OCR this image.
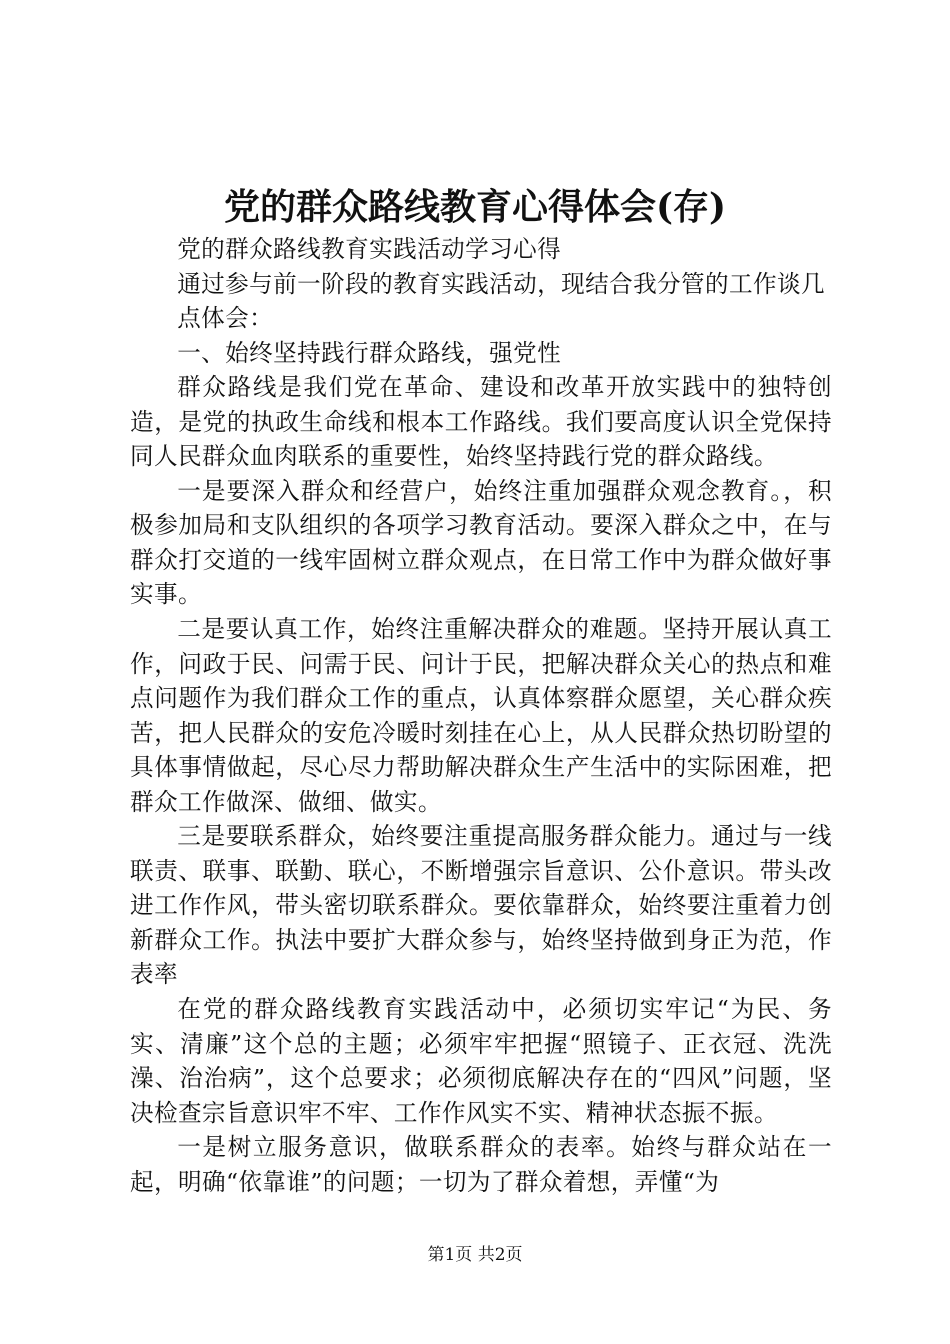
党的群众路线教育心得体会(存)

党的群众路线教育实践活动学习心得

通过参与前一阶段的教育实践活动，现结合我分管的工作谈几

点体会：

一、始终坚持践行群众路线，强党性

群众路线是我们党在革命、建设和改革开放实践中的独特创造，是党的执政生命线和根本工作路线。我们要高度认识全党保持同人民群众血肉联系的重要性，始终坚持践行党的群众路线。

一是要深入群众和经营户，始终注重加强群众观念教育。，积极参加局和支队组织的各项学习教育活动。要深入群众之中，在与群众打交道的一线牢固树立群众观点，在日常工作中为群众做好事实事。

二是要认真工作，始终注重解决群众的难题。坚持开展认真工作，问政于民、问需于民、问计于民，把解决群众关心的热点和难点问题作为我们群众工作的重点，认真体察群众愿望，关心群众疾苦，把人民群众的安危冷暖时刻挂在心上，从人民群众热切盼望的具体事情做起，尽心尽力帮助解决群众生产生活中的实际困难，把群众工作做深、做细、做实。

三是要联系群众，始终要注重提高服务群众能力。通过与一线联责、联事、联勤、联心，不断增强宗旨意识、公仆意识。带头改进工作作风，带头密切联系群众。要依靠群众，始终要注重着力创新群众工作。执法中要扩大群众参与，始终坚持做到身正为范，作表率

在党的群众路线教育实践活动中，必须切实牢记“为民、务实、清廉”这个总的主题；必须牢牢把握“照镜子、正衣冠、洗洗澡、治治病”，这个总要求；必须彻底解决存在的“四风”问题，坚决检查宗旨意识牢不牢、工作作风实不实、精神状态振不振。

一是树立服务意识，做联系群众的表率。始终与群众站在一起，明确“依靠谁”的问题；一切为了群众着想，弄懂“为

第1页 共2页
